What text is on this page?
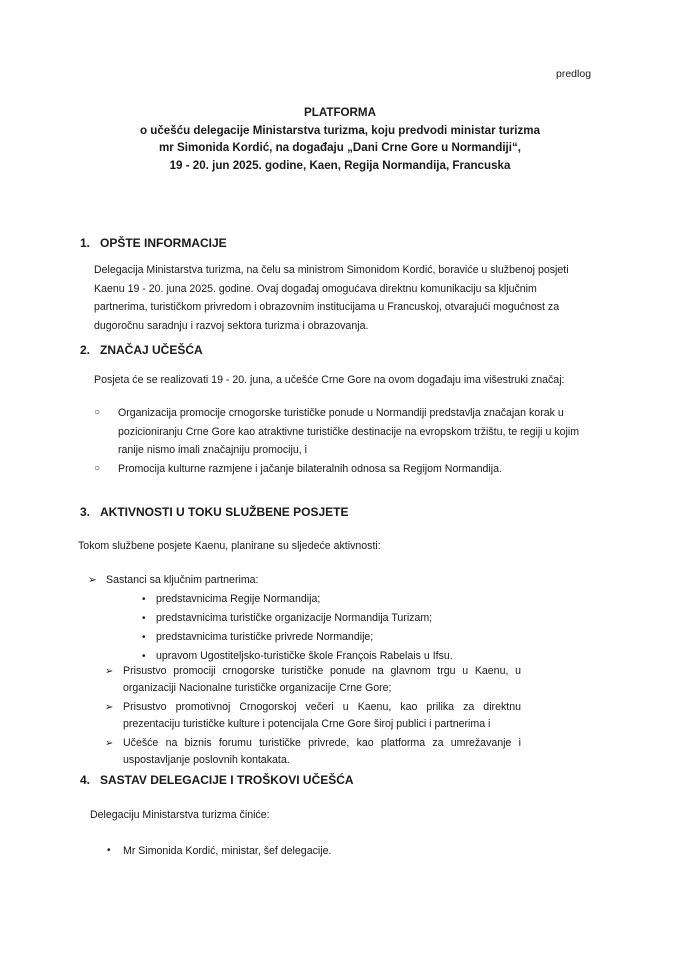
predlog
PLATFORMA
o učešću delegacije Ministarstva turizma, koju predvodi ministar turizma
mr Simonida Kordić, na događaju „Dani Crne Gore u Normandiji“,
19 - 20. jun 2025. godine, Kaen, Regija Normandija, Francuska
1. OPŠTE INFORMACIJE
Delegacija Ministarstva turizma, na čelu sa ministrom Simonidom Kordić, boraviće u službenoj posjeti Kaenu 19 - 20. juna 2025. godine. Ovaj događaj omogućava direktnu komunikaciju sa ključnim partnerima, turističkom privredom i obrazovnim institucijama u Francuskoj, otvarajući mogućnost za dugoročnu saradnju i razvoj sektora turizma i obrazovanja.
2. ZNAČAJ UČEŠĆA
Posjeta će se realizovati 19 - 20. juna, a učešće Crne Gore na ovom događaju ima višestruki značaj:
○ Organizacija promocije crnogorske turističke ponude u Normandiji predstavlja značajan korak u pozicioniranju Crne Gore kao atraktivne turističke destinacije na evropskom tržištu, te regiji u kojim ranije nismo imali značajniju promociju, i
○ Promocija kulturne razmjene i jačanje bilateralnih odnosa sa Regijom Normandija.
3. AKTIVNOSTI U TOKU SLUŽBENE POSJETE
Tokom službene posjete Kaenu, planirane su sljedeće aktivnosti:
➢ Sastanci sa ključnim partnerima:
• predstavnicima Regije Normandija;
• predstavnicima turističke organizacije Normandija Turizam;
• predstavnicima turističke privrede Normandije;
• upravom Ugostiteljsko-turističke škole François Rabelais u Ifsu.
➢ Prisustvo promociji crnogorske turističke ponude na glavnom trgu u Kaenu, u organizaciji Nacionalne turističke organizacije Crne Gore;
➢ Prisustvo promotivnoj Crnogorskoj večeri u Kaenu, kao prilika za direktnu prezentaciju turističke kulture i potencijala Crne Gore široj publici i partnerima i
➢ Učešće na biznis forumu turističke privrede, kao platforma za umrežavanje i uspostavljanje poslovnih kontakata.
4. SASTAV DELEGACIJE I TROŠKOVI UČEŠĆA
Delegaciju Ministarstva turizma činiće:
• Mr Simonida Kordić, ministar, šef delegacije.
